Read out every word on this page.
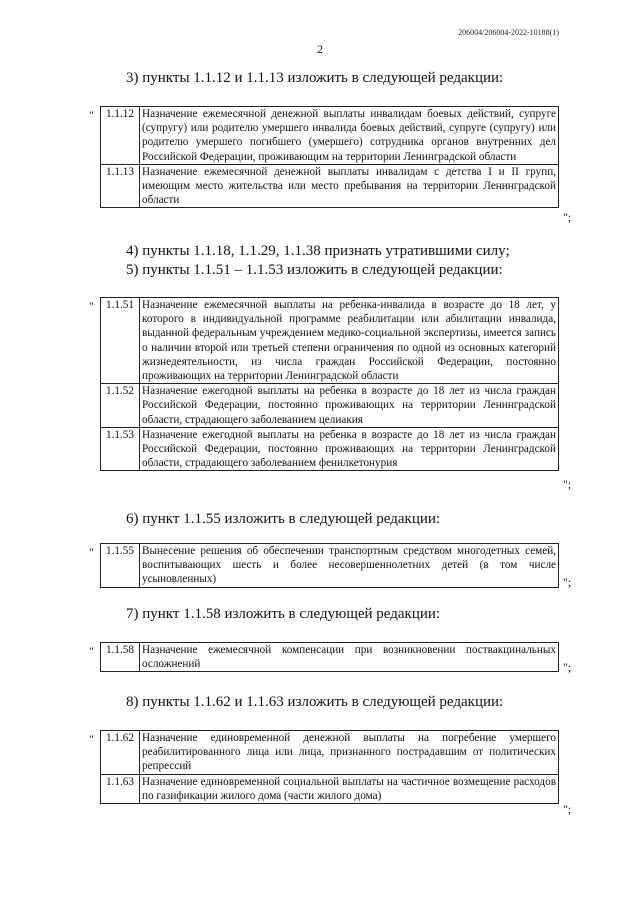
206004/206004-2022-10188(1)
2
3) пункты 1.1.12 и 1.1.13 изложить в следующей редакции:
" 1.1.12	Назначение ежемесячной денежной выплаты инвалидам боевых действий, супруге (супругу) или родителю умершего инвалида боевых действий, супруге (супругу) или родителю умершего погибшего (умершего) сотрудника органов внутренних дел Российской Федерации, проживающим на территории Ленинградской области
1.1.13	Назначение ежемесячной денежной выплаты инвалидам с детства I и II групп, имеющим место жительства или место пребывания на территории Ленинградской области
";
4) пункты 1.1.18, 1.1.29, 1.1.38 признать утратившими силу;
5) пункты 1.1.51 – 1.1.53 изложить в следующей редакции:
" 1.1.51	Назначение ежемесячной выплаты на ребенка-инвалида в возрасте до 18 лет, у которого в индивидуальной программе реабилитации или абилитации инвалида, выданной федеральным учреждением медико-социальной экспертизы, имеется запись о наличии второй или третьей степени ограничения по одной из основных категорий жизнедеятельности, из числа граждан Российской Федерации, постоянно проживающих на территории Ленинградской области
1.1.52	Назначение ежегодной выплаты на ребенка в возрасте до 18 лет из числа граждан Российской Федерации, постоянно проживающих на территории Ленинградской области, страдающего заболеванием целиакия
1.1.53	Назначение ежегодной выплаты на ребенка в возрасте до 18 лет из числа граждан Российской Федерации, постоянно проживающих на территории Ленинградской области, страдающего заболеванием фенилкетонурия
";
6) пункт 1.1.55 изложить в следующей редакции:
" 1.1.55	Вынесение решения об обеспечении транспортным средством многодетных семей, воспитывающих шесть и более несовершеннолетних детей (в том числе усыновленных)	";
7) пункт 1.1.58 изложить в следующей редакции:
" 1.1.58	Назначение ежемесячной компенсации при возникновении поствакцинальных осложнений	";
8) пункты 1.1.62 и 1.1.63 изложить в следующей редакции:
" 1.1.62	Назначение единовременной денежной выплаты на погребение умершего реабилитированного лица или лица, признанного пострадавшим от политических репрессий
1.1.63	Назначение единовременной социальной выплаты на частичное возмещение расходов по газификации жилого дома (части жилого дома)
";
